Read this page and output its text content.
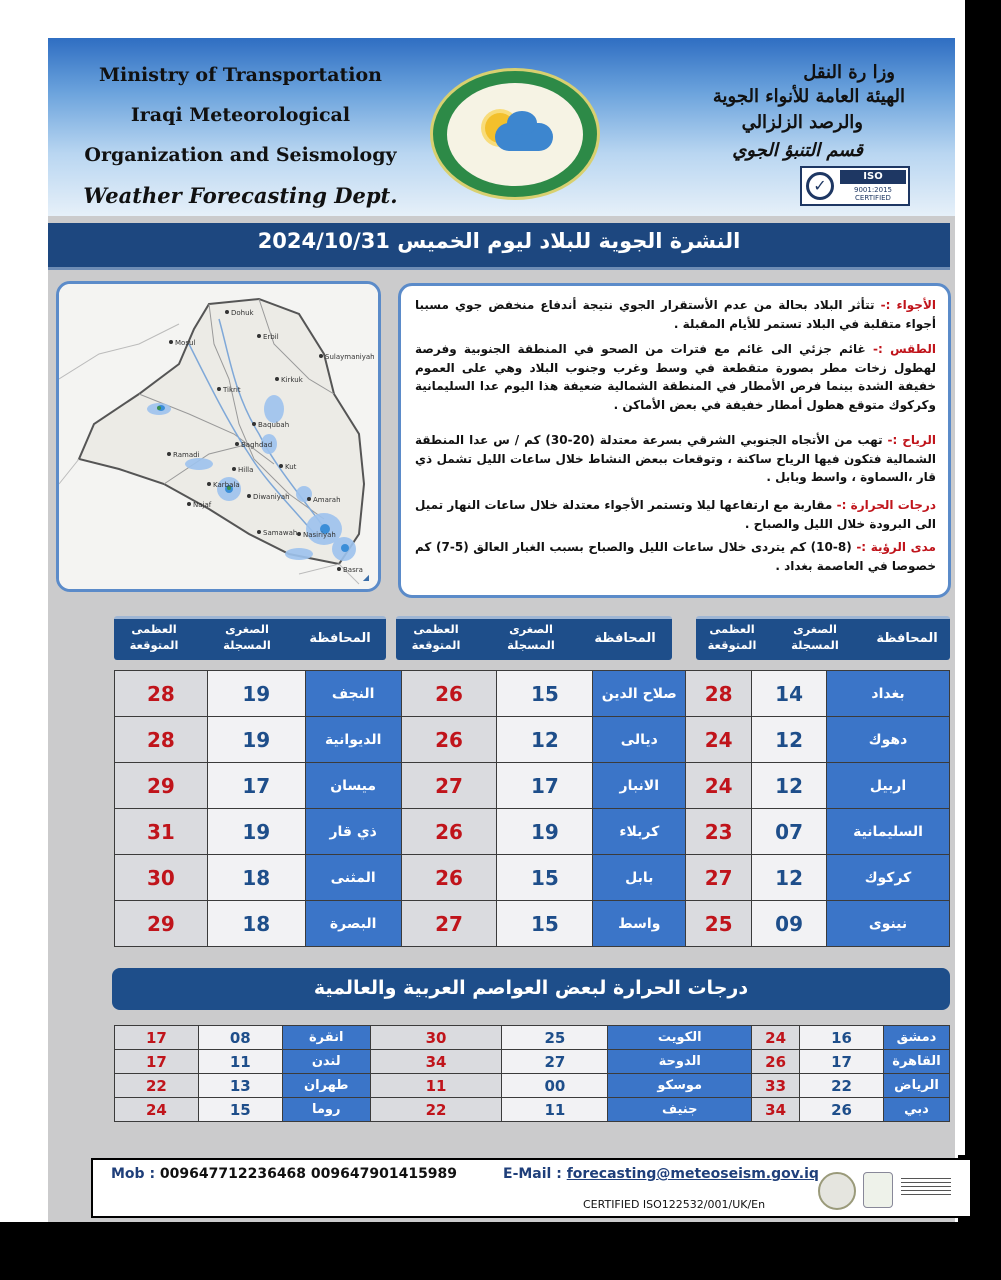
Ministry of Transportation
Iraqi Meteorological
Organization and Seismology
Weather Forecasting Dept.
وزا رة النقل
الهيئة العامة للأنواء الجوية
والرصد الزلزالي
قسم التنبؤ الجوي
✓	ISO
9001:2015
CERTIFIED
النشرة الجوية للبلاد ليوم الخميس 2024/10/31
Dohuk
Erbil
Mosul
Sulaymaniyah
Kirkuk
Tikrit
Baqubah
Baghdad
Ramadi
Hilla	Kut
Karbala
Najaf
Diwaniyah	Amarah
Samawah Nasiriyah
Basra
◢
الأجواء :- تتأثر البلاد بحالة من عدم الأستقرار الجوي نتيجة أندفاع منخفض جوي مسببا أجواء متقلبة في البلاد تستمر للأيام المقبلة .
الطقس :- غائم جزئي الى غائم مع فترات من الصحو في المنطقة الجنوبية وفرصة لهطول زخات مطر بصورة متقطعة في وسط وغرب وجنوب البلاد وهي على العموم خفيفة الشدة بينما فرص الأمطار في المنطقة الشمالية ضعيفة هذا اليوم عدا السليمانية وكركوك متوقع هطول أمطار خفيفة في بعض الأماكن .
الرياح :- تهب من الأتجاه الجنوبي الشرقي بسرعة معتدلة (20-30) كم / س عدا المنطقة الشمالية فتكون فيها الرياح ساكنة ، وتوقعات ببعض النشاط خلال ساعات الليل تشمل ذي قار ،السماوة ، واسط وبابل .
درجات الحرارة :- مقاربة مع ارتفاعها ليلا وتستمر الأجواء معتدلة خلال ساعات النهار تميل الى البرودة خلال الليل والصباح .
مدى الرؤية :- (8-10) كم يتردى خلال ساعات الليل والصباح بسبب الغبار العالق (5-7) كم خصوصا في العاصمة بغداد .
العظمى المتوقعة
الصغرى المسجلة	المحافظة
العظمى المتوقعة
الصغرى المسجلة	المحافظة
العظمى المتوقعة
الصغرى المسجلة	المحافظة
28	19	النجف	26	15	صلاح الدين	28	14	بغداد
28	19	الديوانية	26	12	ديالى	24	12	دهوك
29	17	ميسان	27	17	الانبار	24	12	اربيل
31	19	ذي قار	26	19	كربلاء	23	07	السليمانية
30	18	المثنى	26	15	بابل	27	12	كركوك
29	18	البصرة	27	15	واسط	25	09	نينوى
درجات الحرارة لبعض العواصم العربية والعالمية
17	08	انقرة	30	25	الكويت	24	16	دمشق
17	11	لندن	34	27	الدوحة	26	17	القاهرة
22	13	طهران	11	00	موسكو	33	22	الرياض
24	15	روما	22	11	جنيف	34	26	دبي
Mob : 009647712236468 009647901415989	E-Mail : forecasting@meteoseism.gov.iq
CERTIFIED ISO122532/001/UK/En
